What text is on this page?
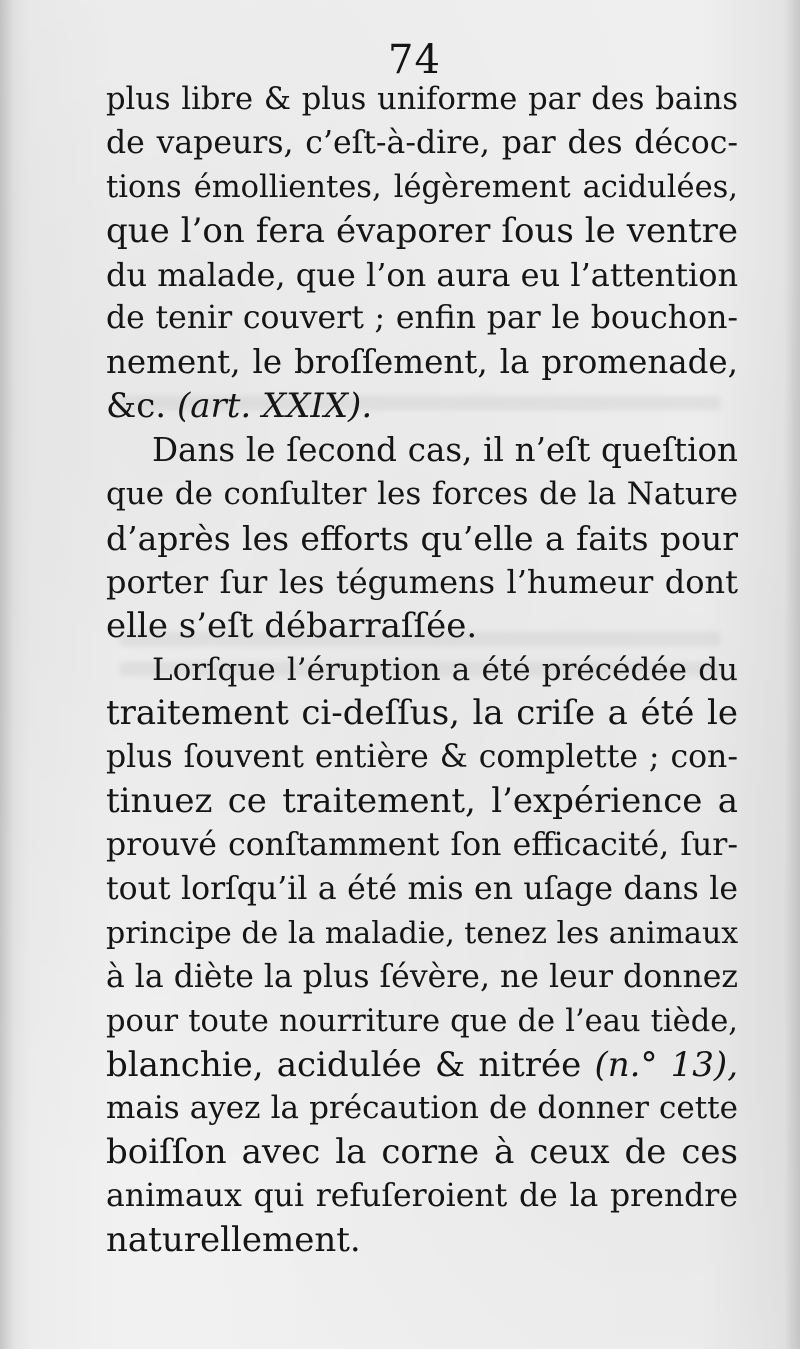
74
plus libre & plus uniforme par des bains
de vapeurs, c’eſt-à-dire, par des décoc-
tions émollientes, légèrement acidulées,
que l’on fera évaporer ſous le ventre
du malade, que l’on aura eu l’attention
de tenir couvert ; enfin par le bouchon-
nement, le broſſement, la promenade,
&c. (art. XXIX).
Dans le ſecond cas, il n’eſt queſtion
que de conſulter les forces de la Nature
d’après les efforts qu’elle a faits pour
porter ſur les tégumens l’humeur dont
elle s’eſt débarraſſée.
Lorſque l’éruption a été précédée du
traitement ci-deſſus, la criſe a été le
plus ſouvent entière & complette ; con-
tinuez ce traitement, l’expérience a
prouvé conſtamment ſon efficacité, ſur-
tout lorſqu’il a été mis en uſage dans le
principe de la maladie, tenez les animaux
à la diète la plus ſévère, ne leur donnez
pour toute nourriture que de l’eau tiède,
blanchie, acidulée & nitrée (n.° 13),
mais ayez la précaution de donner cette
boiſſon avec la corne à ceux de ces
animaux qui refuſeroient de la prendre
naturellement.
